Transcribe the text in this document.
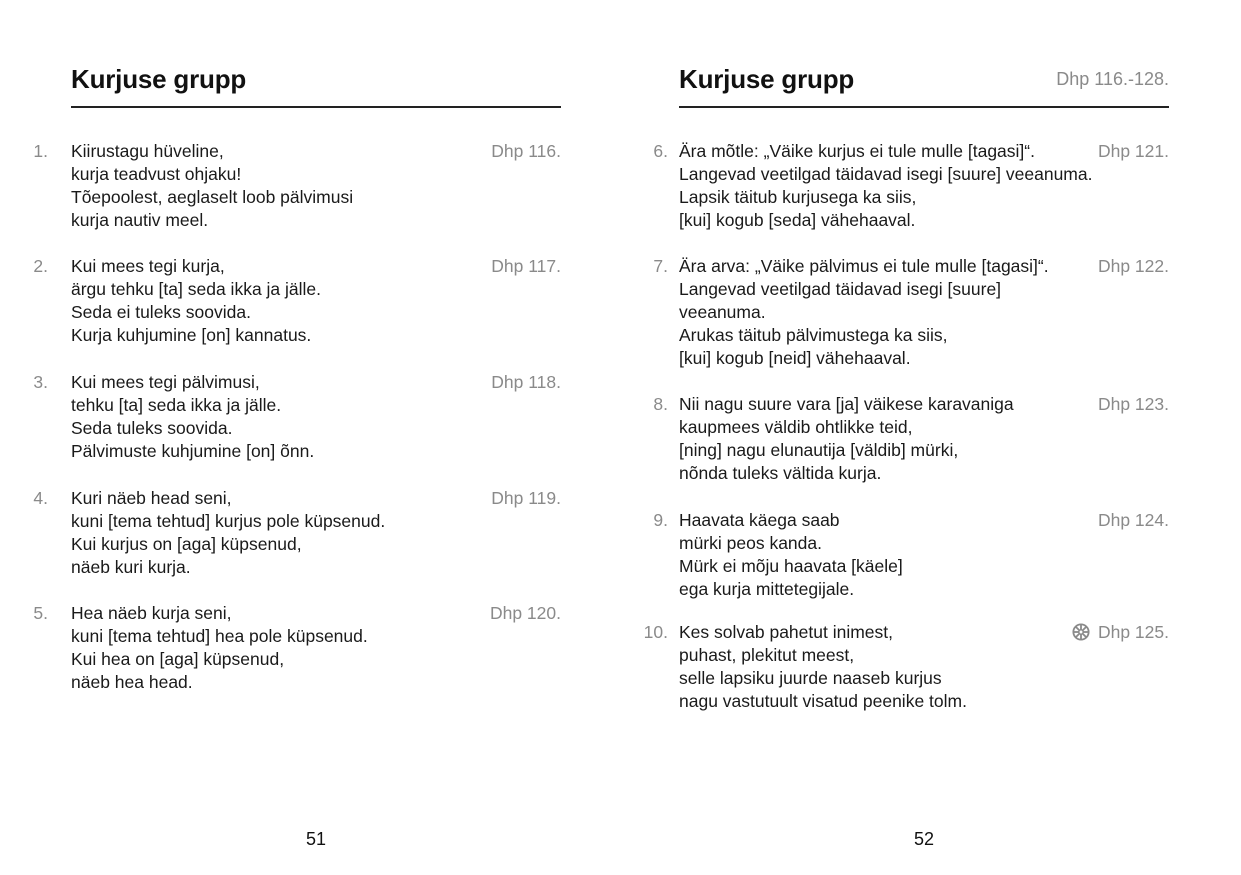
Kurjuse grupp
1. Kiirustagu hüveline,
kurja teadvust ohjaku!
Tõepoolest, aeglaselt loob pälvimusi
kurja nautiv meel.
Dhp 116.
2. Kui mees tegi kurja,
ärgu tehku [ta] seda ikka ja jälle.
Seda ei tuleks soovida.
Kurja kuhjumine [on] kannatus.
Dhp 117.
3. Kui mees tegi pälvimusi,
tehku [ta] seda ikka ja jälle.
Seda tuleks soovida.
Pälvimuste kuhjumine [on] õnn.
Dhp 118.
4. Kuri näeb head seni,
kuni [tema tehtud] kurjus pole küpsenud.
Kui kurjus on [aga] küpsenud,
näeb kuri kurja.
Dhp 119.
5. Hea näeb kurja seni,
kuni [tema tehtud] hea pole küpsenud.
Kui hea on [aga] küpsenud,
näeb hea head.
Dhp 120.
51
Kurjuse grupp	Dhp 116.-128.
6. Ära mõtle: „Väike kurjus ei tule mulle [tagasi]“.
Langevad veetilgad täidavad isegi [suure] veeanuma.
Lapsik täitub kurjusega ka siis,
[kui] kogub [seda] vähehaaval.
Dhp 121.
7. Ära arva: „Väike pälvimus ei tule mulle [tagasi]“.
Langevad veetilgad täidavad isegi [suure]
veeanuma.
Arukas täitub pälvimustega ka siis,
[kui] kogub [neid] vähehaaval.
Dhp 122.
8. Nii nagu suure vara [ja] väikese karavaniga
kaupmees väldib ohtlikke teid,
[ning] nagu elunautija [väldib] mürki,
nõnda tuleks vältida kurja.
Dhp 123.
9. Haavata käega saab
mürki peos kanda.
Mürk ei mõju haavata [käele]
ega kurja mittetegijale.
Dhp 124.
10. Kes solvab pahetut inimest,
puhast, plekitut meest,
selle lapsiku juurde naaseb kurjus
nagu vastutuult visatud peenike tolm.
Dhp 125.
52
